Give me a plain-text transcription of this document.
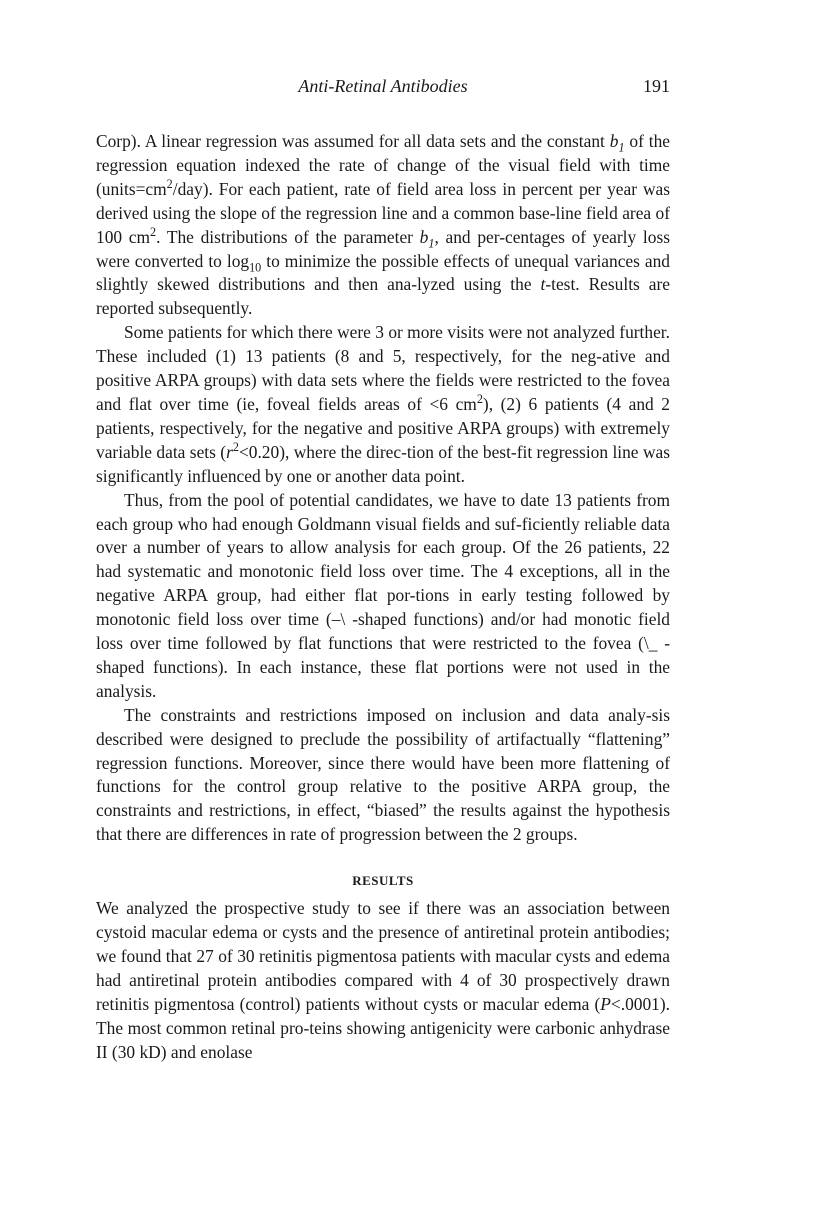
Anti-Retinal Antibodies	191

Corp). A linear regression was assumed for all data sets and the constant $b_1$ of the regression equation indexed the rate of change of the visual field with time $(units=cm^2/day)$. For each patient, rate of field area loss in percent per year was derived using the slope of the regression line and a common base-line field area of 100 $cm^2$. The distributions of the parameter $b_1$, and per-centages of yearly loss were converted to $\log_{10}$ to minimize the possible effects of unequal variances and slightly skewed distributions and then ana-lyzed using the t-test. Results are reported subsequently.

Some patients for which there were 3 or more visits were not analyzed further. These included (1) 13 patients (8 and 5, respectively, for the neg-ative and positive ARPA groups) with data sets where the fields were restricted to the fovea and flat over time (ie, foveal fields areas of <6 $cm^2$), (2) 6 patients (4 and 2 patients, respectively, for the negative and positive ARPA groups) with extremely variable data sets $(r^2<0.20)$, where the direc-tion of the best-fit regression line was significantly influenced by one or another data point.

Thus, from the pool of potential candidates, we have to date 13 patients from each group who had enough Goldmann visual fields and suf-ficiently reliable data over a number of years to allow analysis for each group. Of the 26 patients, 22 had systematic and monotonic field loss over time. The 4 exceptions, all in the negative ARPA group, had either flat por-tions in early testing followed by monotonic field loss over time (–\ -shaped functions) and/or had monotic field loss over time followed by flat functions that were restricted to the fovea (\_ -shaped functions). In each instance, these flat portions were not used in the analysis.

The constraints and restrictions imposed on inclusion and data analy-sis described were designed to preclude the possibility of artifactually “flattening” regression functions. Moreover, since there would have been more flattening of functions for the control group relative to the positive ARPA group, the constraints and restrictions, in effect, “biased” the results against the hypothesis that there are differences in rate of progression between the 2 groups.

RESULTS

We analyzed the prospective study to see if there was an association between cystoid macular edema or cysts and the presence of antiretinal protein antibodies; we found that 27 of 30 retinitis pigmentosa patients with macular cysts and edema had antiretinal protein antibodies compared with 4 of 30 prospectively drawn retinitis pigmentosa (control) patients without cysts or macular edema (P<.0001). The most common retinal pro-teins showing antigenicity were carbonic anhydrase II (30 kD) and enolase
